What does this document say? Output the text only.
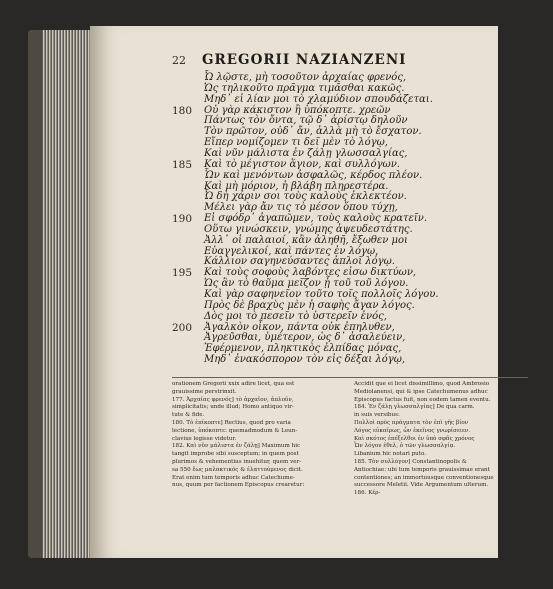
22 GREGORII NAZIANZENI
Ὦ λῷστε, μὴ τοσοῦτον ἀρχαίας φρενός,
Ὡς τηλικοῦτο πρᾶγμα τιμᾶσθαι κακῶς.
Μηδ᾽ εἰ λίαν μοι τὸ χλαμύδιον σπουδάζεται.
180	Οὐ γὰρ κάκιστον ἢ ὑπόκοπτε. χρεῶν
Πάντως τὸν ὄντα, τῷ δ᾽ ἀρίστῳ δηλοῦν
Τὸν πρῶτον, οὐδ᾽ ἄν, ἀλλὰ μὴ τὸ ἔσχατον.
Εἴπερ νομίζομεν τι δεῖ μὲν τὸ λόγῳ,
Καὶ νῦν μάλιστα ἐν ζάλῃ γλωσσαλγίας,
185	Καὶ τὸ μέγιστον ἅγιον, καὶ συλλόγων.
Ὧν καὶ μενόντων ἀσφαλῶς, κέρδος πλέον.
Καὶ μὴ μόριον, ἡ βλάβη πληρεστέρα.
Ὦ δὴ χάριν σοι τοὺς καλοὺς ἐκλεκτέον.
Μέλει γὰρ ἄν τις τὸ μέσον ὅπου τύχῃ,
190	Εἰ σφόδρ᾽ ἀγαπῶμεν, τοὺς καλοὺς κρατεῖν.
Οὕτω γινώσκειν, γνώμης ἀψευδεστάτης.
Ἀλλ᾽ οἱ παλαιοί, κἂν ἀληθῆ, ἔξωθεν μοι
Εὐαγγελικοί, καὶ πάντες ἐν λόγῳ,
Κάλλιον σαγηνεύσαντες ἀπλοῖ λόγῳ.
195	Καὶ τοὺς σοφοὺς λαβόντες εἰσω δικτύων,
Ὡς ἂν τὸ θαῦμα μεῖζον ᾖ τοῦ τοῦ λόγου.
Καὶ γὰρ σαφηνεῖον τοῦτο τοῖς πολλοῖς λόγου.
Πρὸς δὲ βραχὺς μὲν ἡ σαφὴς ἄγαν λόγος.
Δὸς μοι τὸ πεσεῖν τὸ ὑστερεῖν ἐνός,
200	Ἀγαλκὸν οἶκον, πάντα οὐκ ἐπηλυθεν,
Ἀγρεῦσθαι, ὑμέτερον, ὡς δ᾽ ἀσαλεύειν,
Ἐφέρμενον, πληκτικὸς ἐλπίδας μόνας,
Μηδ᾽ ἐνακόσπορον τὸν εἰς δέξαι λόγῳ,
Τῷ
orationem Gregorii xxix adire licet, qua est
grauissime perstrinxit.
177. Ἀρχαίας φρενός] τὸ ἀρχαῖον, ἀπλοῦν,
simplicitatis; unde illud; Homo antiquo vir-
tute & fide.
180. Τὸ ἐπίκοπτε] Rectius, quod pro varia
lectione, ὑπόκοπτε: quemadmodum & Leun-
clavius legisse videtur.
182. Καὶ νῦν μάλιστα ἐν ζάλῃ] Maximum hic
tangit improbe sibi susceptum; in quem post
plurimos & vehementius inuehitur, quem ver-
sa 550 ἕως μαλακτικός & ἐλαττούμενος dicit.
Erat enim tum temporis adhuc Catechume-
nus, quum per factionem Episcopus crearetur:
Accidit que ei licet dissimillimo, quod Ambrosio
Mediolanensi, qui & ipse Catechumenus adhuc
Episcopus factus fuit, non eodem tamen eventu.
184. Ἐν ζάλῃ γλωσσαλγίας] De qua carm.
in suis versibus:
Πολλοὶ πρὸς πράγματα τὸν ἐπὶ γῆς βίον
Λόγος εὐκαίρως, ὧν ἐκεῖνος γνωρίσειεν.
Καὶ σκότος ἐπέξελθοι ἐν ὑπὸ σφᾶς χρόνος
Ὧν λόγον ἐθελ, ὁ τῶν γλωσσαλγίᾳ.
Libanium hic notari puto.
185. Τὸν συλλόγον] Constantinopolis &
Antiochiae: ubi tum temporis grauissimae erant
contentiones; an immortuusque conventionesque
successore Meletii. Vide Argumentum ulterum.
186. Κέρ-
